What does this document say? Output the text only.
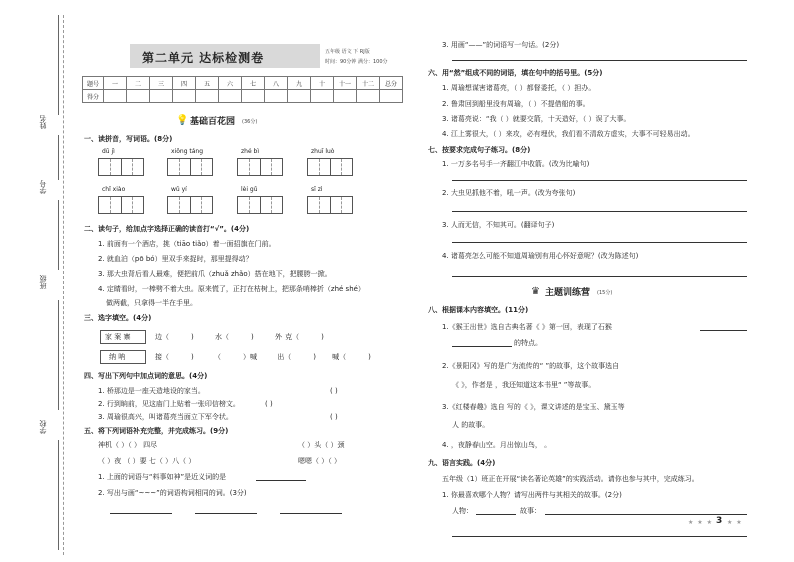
姓名
学号
班级
学校
第二单元 达标检测卷	五年级 语文 下 RJ版
时间：90分钟 满分：100分
题号	一	二	三	四	五	六	七	八	九	十	十一	十二	总分
得分													
💡 基础百花园 (36分)
一、读拼音，写词语。(8分)
dū jì	xiōng táng	zhé bì	zhuī luò
chǐ xiào	wǔ yí	lèi gǔ	sī zì
二、读句子，给加点字选择正确的读音打“√”。(4分)
1. 前面有一个酒店，挑（tiāo tiǎo）着一面招旗在门前。
2. 就血泊（pō bó）里双手来捉时，那里提得动？
3. 那大虫背后看人最难，便把前爪（zhuǎ zhǎo）搭在地下，把腰胯一掀。
4. 定睛看时，一棒劈不着大虫。原来慌了，正打在枯树上，把那条哨棒折（zhé shé）
做两截，只拿得一半在手里。
三、选字填空。(4分)
家 案 寨
纳 呐
边（	)	水（	)	外 克（	)
接（	)	（	）喊	出（	) 喊（	)
四、写出下列句中加点词的意思。(4分)
1. 桥那边是一座天造地设的家当。
2. 行到晌前，见这庙门上贴着一张印信榜文。
3. 周瑜很高兴，叫诸葛亮当面立下军令状。
( )
( )
( )
五、将下列词语补充完整，并完成练习。(9分)
神机（ ）（ ） 四尽	（ ）头（ ）颈
（ ）夜 （ ）要 七（ ）八（ ）	嗯嗯（ ）（ ）
1. 上面的词语与“料事如神”是近义词的是
2. 写出与画“~~~”的词语构词相同的词。(3分)
3. 用画“——”的词语写一句话。(2分)
六、用“然”组成不同的词语，填在句中的括号里。(5分)
1. 周瑜想谋害诸葛亮，（ ）都督委托，（ ）担办。
2. 鲁肃回到船里没有周瑜，（ ）不提借船的事。
3. 诸葛亮说：“我（ ）就要交箭，十天造好，（ ）误了大事。
4. 江上雾很大，（ ）来攻，必有埋伏，我们看不清敌方虚实，大事不可轻易出动。
七、按要求完成句子练习。(8分)
1. 一万多名号手一齐翻江中收箭。(改为比喻句)
2. 大虫见抓他不着，吼一声。(改为夸张句)
3. 人而无信，不知其可。(翻译句子)
4. 诸葛亮怎么可能不知道周瑜别有用心怀好意呢？(改为陈述句)
♛ 主题训练营 (15分)
八、根据课本内容填空。(11分)
1.《猴王出世》选自古典名著《 》第一回，表现了石猴
的特点。
2.《景阳冈》写的是广为流传的“ ”的故事，这个故事选自
《 》，作者是 ，我还知道这本书里“ ”等故事。
3.《红楼春趣》选自 写的《 》，课文讲述的是宝玉、黛玉等
人 的故事。
4. ，夜静春山空。月出惊山鸟， 。
九、语言实践。(4分)
五年级（1）班正在开展“读名著论英雄”的实践活动。请你也参与其中，完成练习。
1. 你最喜欢哪个人物？请写出两件与其相关的故事。(2分)
人物：	故事：
★ ★ ★ 3 ★ ★
